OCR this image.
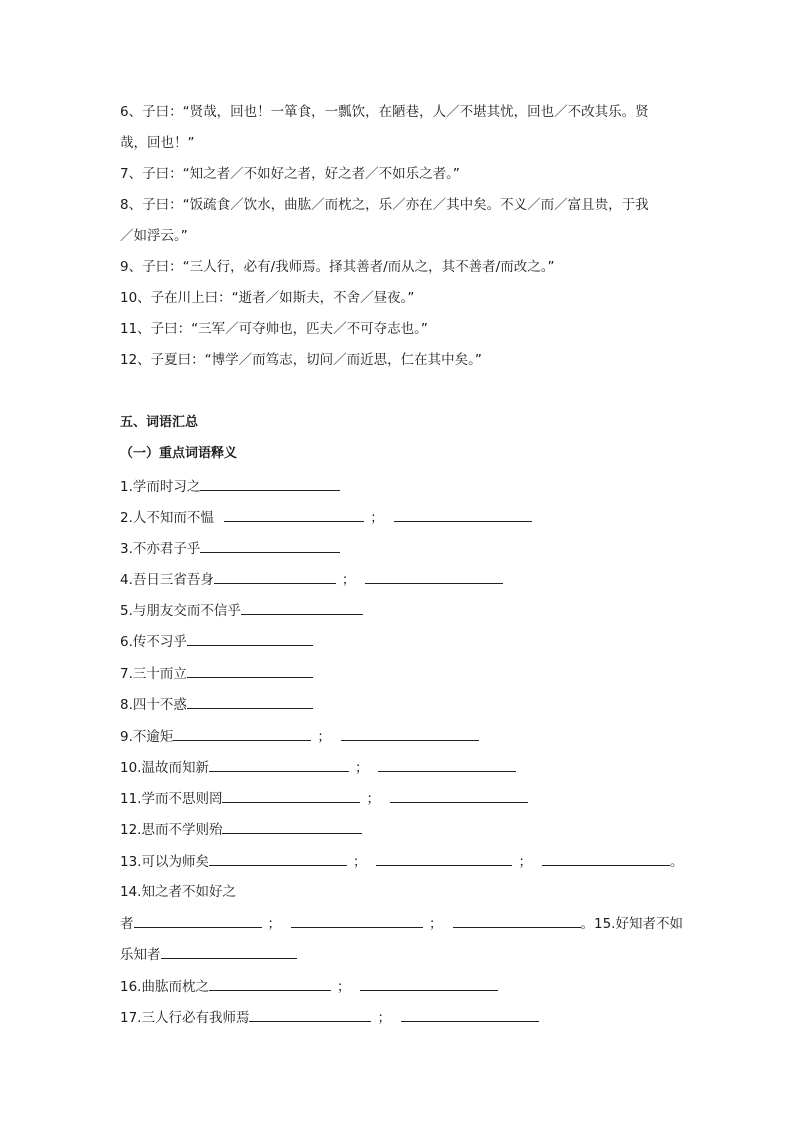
6、子曰：“贤哉，回也！一箪食，一瓢饮，在陋巷，人／不堪其忧，回也／不改其乐。贤
哉，回也！”
7、子曰：“知之者／不如好之者，好之者／不如乐之者。”
8、子曰：“饭疏食／饮水，曲肱／而枕之，乐／亦在／其中矣。不义／而／富且贵，于我
／如浮云。”
9、子曰：“三人行，必有/我师焉。择其善者/而从之，其不善者/而改之。”
10、子在川上曰：“逝者／如斯夫，不舍／昼夜。”
11、子曰：“三军／可夺帅也，匹夫／不可夺志也。”
12、子夏曰：“博学／而笃志，切问／而近思，仁在其中矣。”
五、词语汇总
（一）重点词语释义
1.学而时习之
2.人不知而不愠	；
3.不亦君子乎
4.吾日三省吾身	；
5.与朋友交而不信乎
6.传不习乎
7.三十而立
8.四十不惑
9.不逾矩	；
10.温故而知新	；
11.学而不思则罔	；
12.思而不学则殆
13.可以为师矣	；	；	。
14.知之者不如好之
者	；	；	。15.好知者不如
乐知者
16.曲肱而枕之	；
17.三人行必有我师焉	；
